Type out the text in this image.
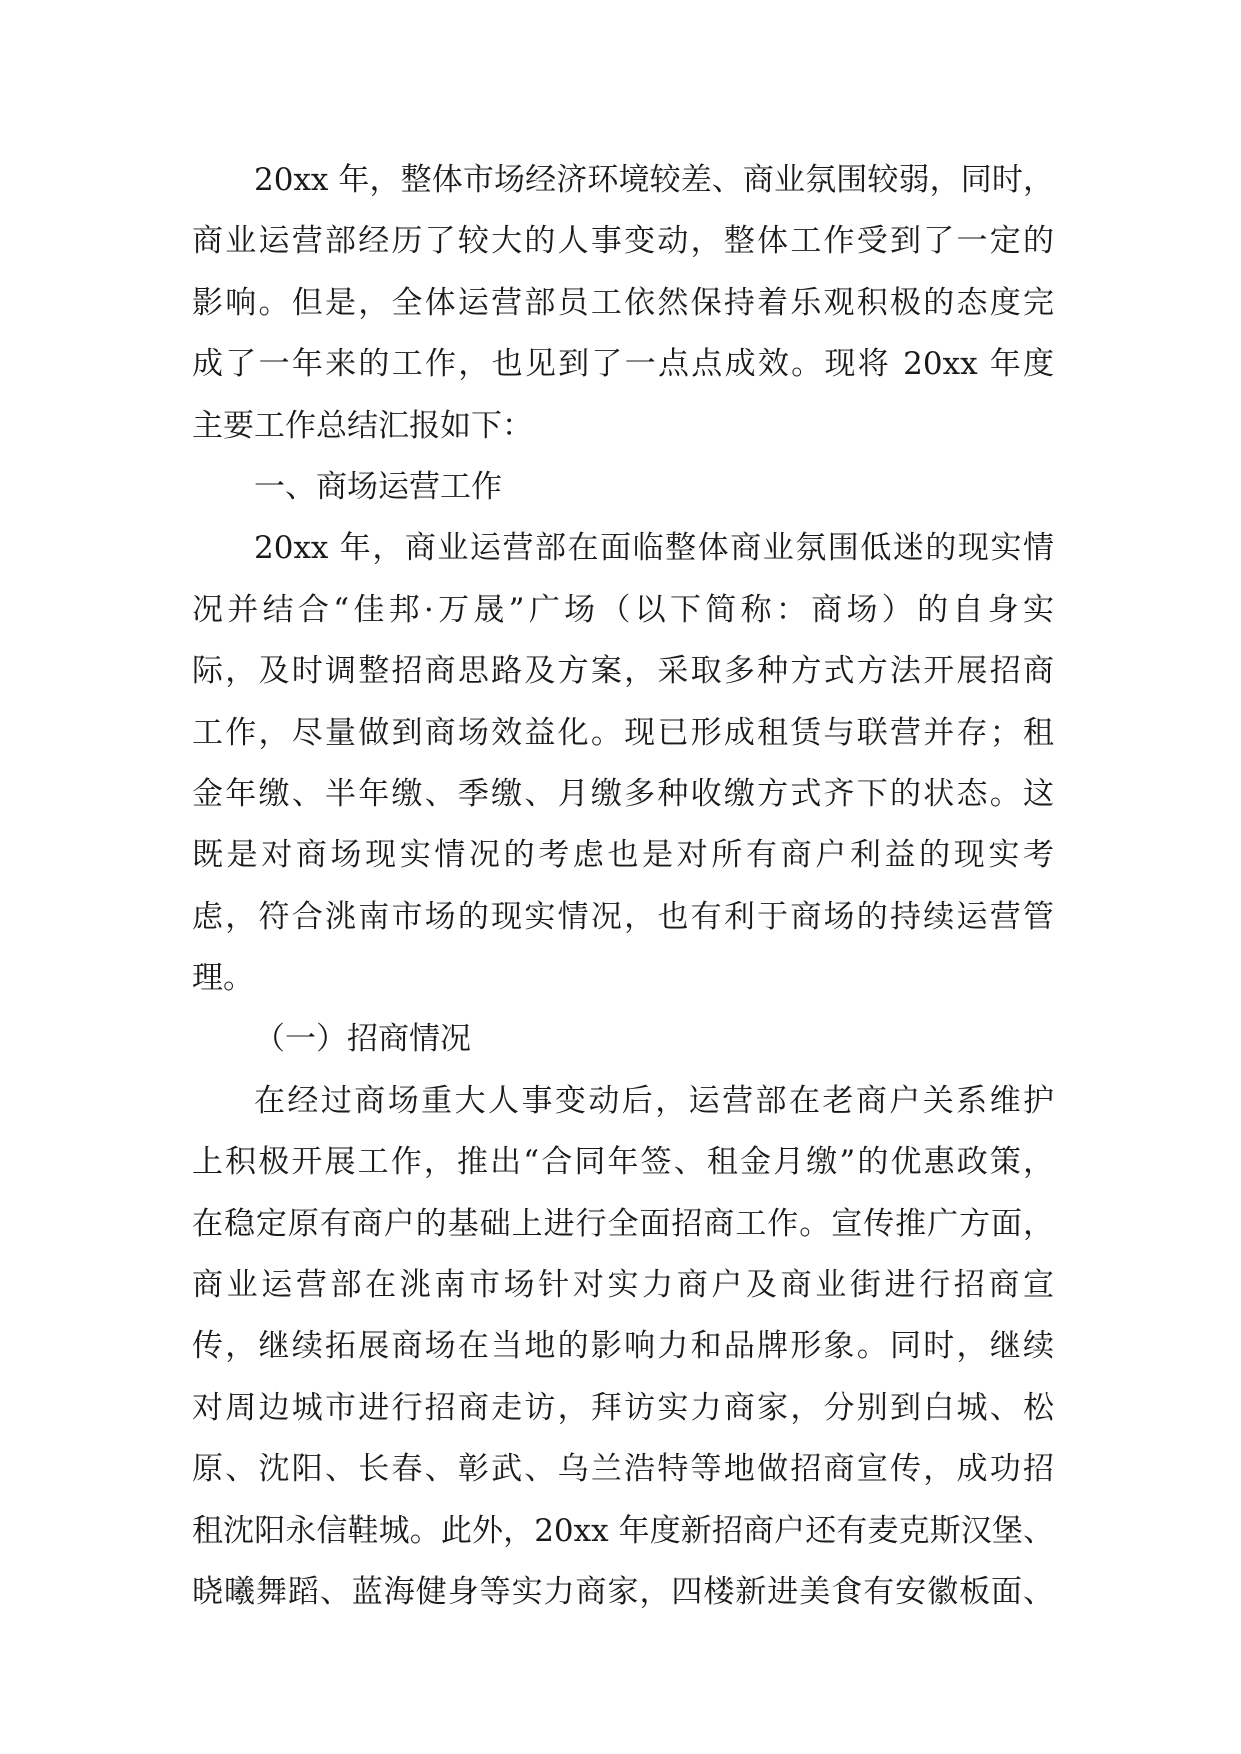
20xx 年，整体市场经济环境较差、商业氛围较弱，同时，
商业运营部经历了较大的人事变动，整体工作受到了一定的
影响。但是，全体运营部员工依然保持着乐观积极的态度完
成了一年来的工作，也见到了一点点成效。现将 20xx 年度
主要工作总结汇报如下：
一、商场运营工作
20xx 年，商业运营部在面临整体商业氛围低迷的现实情
况并结合“佳邦·万晟”广场（以下简称：商场）的自身实
际，及时调整招商思路及方案，采取多种方式方法开展招商
工作，尽量做到商场效益化。现已形成租赁与联营并存；租
金年缴、半年缴、季缴、月缴多种收缴方式齐下的状态。这
既是对商场现实情况的考虑也是对所有商户利益的现实考
虑，符合洮南市场的现实情况，也有利于商场的持续运营管
理。
（一）招商情况
在经过商场重大人事变动后，运营部在老商户关系维护
上积极开展工作，推出“合同年签、租金月缴”的优惠政策，
在稳定原有商户的基础上进行全面招商工作。宣传推广方面，
商业运营部在洮南市场针对实力商户及商业街进行招商宣
传，继续拓展商场在当地的影响力和品牌形象。同时，继续
对周边城市进行招商走访，拜访实力商家，分别到白城、松
原、沈阳、长春、彰武、乌兰浩特等地做招商宣传，成功招
租沈阳永信鞋城。此外，20xx 年度新招商户还有麦克斯汉堡、
晓曦舞蹈、蓝海健身等实力商家，四楼新进美食有安徽板面、
